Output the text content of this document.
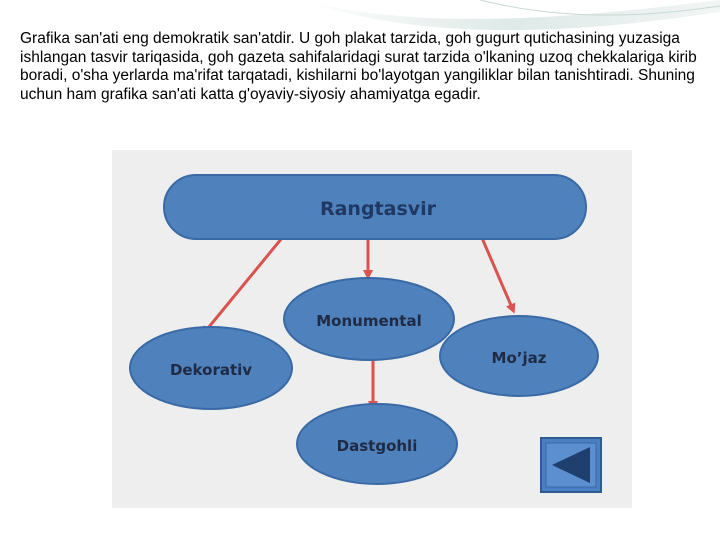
Grafika san'ati eng demokratik san'atdir. U goh plakat tarzida, goh gugurt qutichasining yuzasiga ishlangan tasvir tariqasida, goh gazeta sahifalaridagi surat tarzida o'lkaning uzoq chekkalariga kirib boradi, o'sha yerlarda ma'rifat tarqatadi, kishilarni bo'layotgan yangiliklar bilan tanishtiradi. Shuning uchun ham grafika san'ati katta g'oyaviy-siyosiy ahamiyatga egadir.

Rangtasvir
Monumental
Dekorativ
Mo’jaz
Dastgohli
